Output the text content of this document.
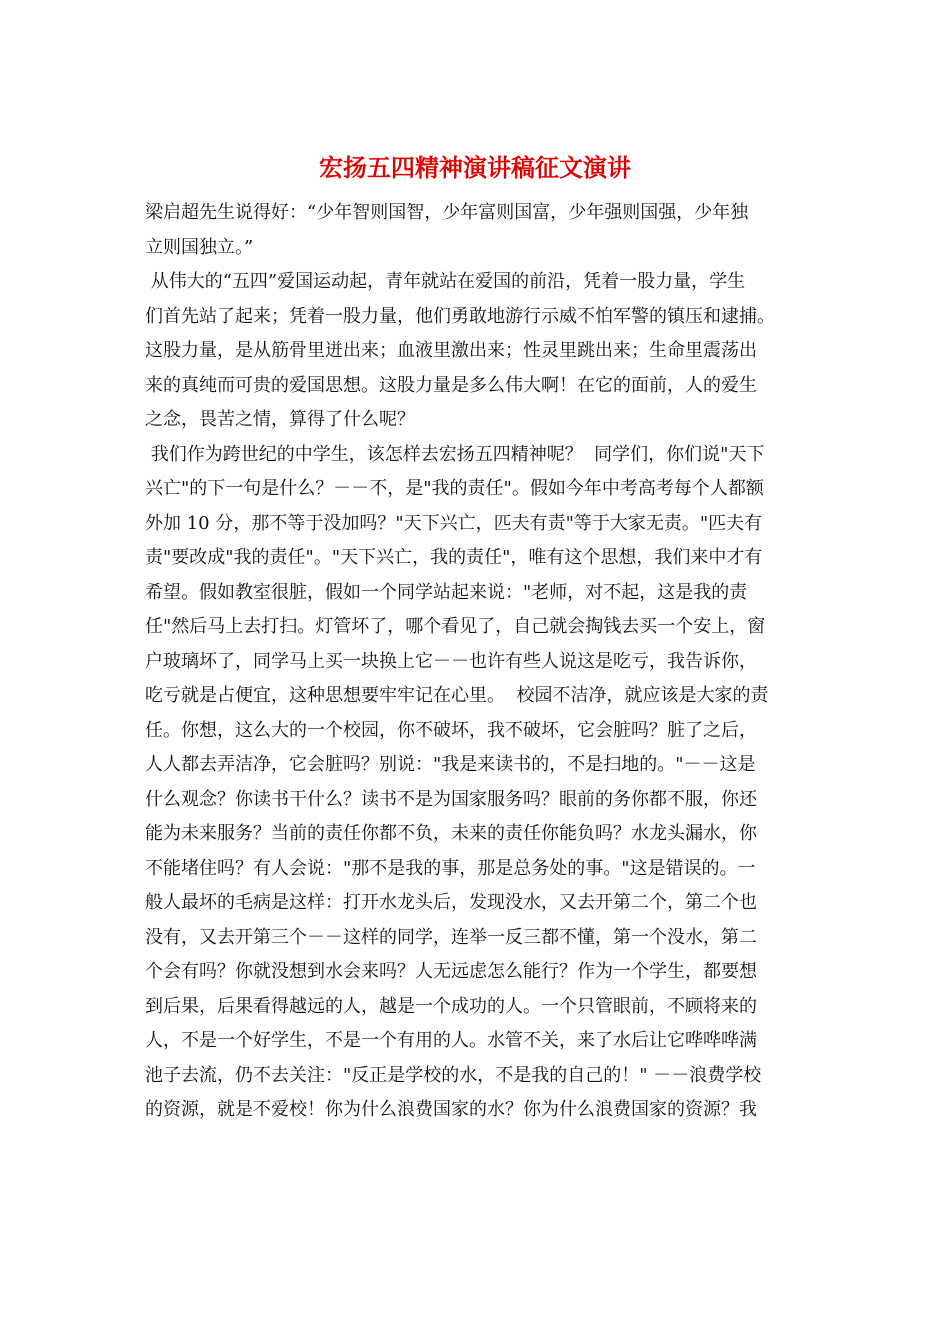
宏扬五四精神演讲稿征文演讲
梁启超先生说得好：“少年智则国智，少年富则国富，少年强则国强，少年独
立则国独立。”
从伟大的“五四”爱国运动起，青年就站在爱国的前沿，凭着一股力量，学生
们首先站了起来；凭着一股力量，他们勇敢地游行示威不怕军警的镇压和逮捕。
这股力量，是从筋骨里迸出来；血液里激出来；性灵里跳出来；生命里震荡出
来的真纯而可贵的爱国思想。这股力量是多么伟大啊！在它的面前，人的爱生
之念，畏苦之情，算得了什么呢？
我们作为跨世纪的中学生，该怎样去宏扬五四精神呢？  同学们，你们说"天下
兴亡"的下一句是什么？－－不，是"我的责任"。假如今年中考高考每个人都额
外加 10 分，那不等于没加吗？"天下兴亡，匹夫有责"等于大家无责。"匹夫有
责"要改成"我的责任"。"天下兴亡，我的责任"，唯有这个思想，我们来中才有
希望。假如教室很脏，假如一个同学站起来说："老师，对不起，这是我的责
任"然后马上去打扫。灯管坏了，哪个看见了，自己就会掏钱去买一个安上，窗
户玻璃坏了，同学马上买一块换上它－－也许有些人说这是吃亏，我告诉你，
吃亏就是占便宜，这种思想要牢牢记在心里。  校园不洁净，就应该是大家的责
任。你想，这么大的一个校园，你不破坏，我不破坏，它会脏吗？脏了之后，
人人都去弄洁净，它会脏吗？别说："我是来读书的，不是扫地的。"－－这是
什么观念？你读书干什么？读书不是为国家服务吗？眼前的务你都不服，你还
能为未来服务？当前的责任你都不负，未来的责任你能负吗？水龙头漏水，你
不能堵住吗？有人会说："那不是我的事，那是总务处的事。"这是错误的。一
般人最坏的毛病是这样：打开水龙头后，发现没水，又去开第二个，第二个也
没有，又去开第三个－－这样的同学，连举一反三都不懂，第一个没水，第二
个会有吗？你就没想到水会来吗？人无远虑怎么能行？作为一个学生，都要想
到后果，后果看得越远的人，越是一个成功的人。一个只管眼前，不顾将来的
人，不是一个好学生，不是一个有用的人。水管不关，来了水后让它哗哗哗满
池子去流，仍不去关注："反正是学校的水，不是我的自己的！" －－浪费学校
的资源，就是不爱校！你为什么浪费国家的水？你为什么浪费国家的资源？我
